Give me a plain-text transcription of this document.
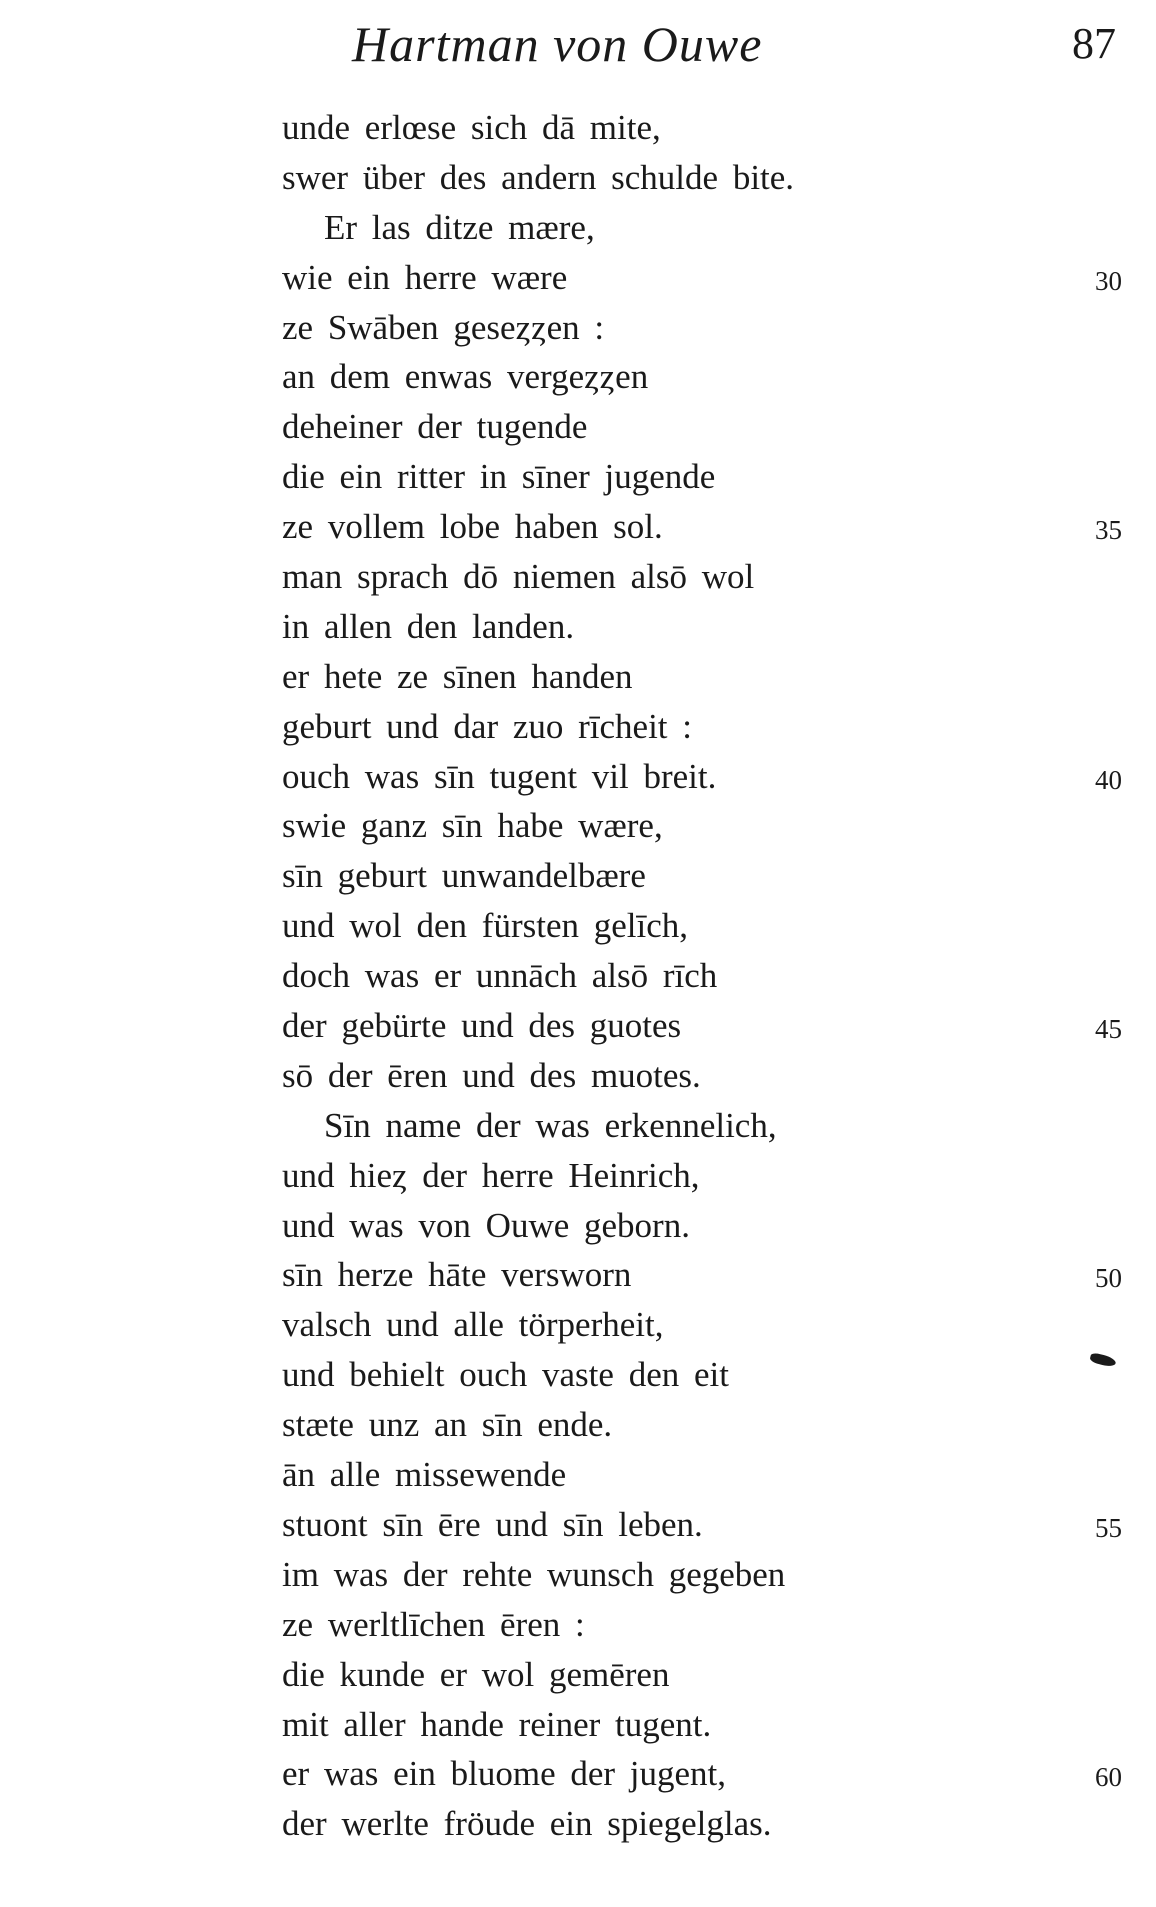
Hartman von Ouwe	87
unde erlœse sich dā mite,
swer über des andern schulde bite.
Er las ditze mære,
wie ein herre wære	30
ze Swāben geseȥȥen :
an dem enwas vergeȥȥen
deheiner der tugende
die ein ritter in sīner jugende
ze vollem lobe haben sol.	35
man sprach dō niemen alsō wol
in allen den landen.
er hete ze sīnen handen
geburt und dar zuo rīcheit :
ouch was sīn tugent vil breit.	40
swie ganz sīn habe wære,
sīn geburt unwandelbære
und wol den fürsten gelīch,
doch was er unnāch alsō rīch
der gebürte und des guotes	45
sō der ēren und des muotes.
Sīn name der was erkennelich,
und hieȥ der herre Heinrich,
und was von Ouwe geborn.
sīn herze hāte versworn	50
valsch und alle törperheit,
und behielt ouch vaste den eit
stæte unz an sīn ende.
ān alle missewende
stuont sīn ēre und sīn leben.	55
im was der rehte wunsch gegeben
ze werltlīchen ēren :
die kunde er wol gemēren
mit aller hande reiner tugent.
er was ein bluome der jugent,	60
der werlte fröude ein spiegelglas.
